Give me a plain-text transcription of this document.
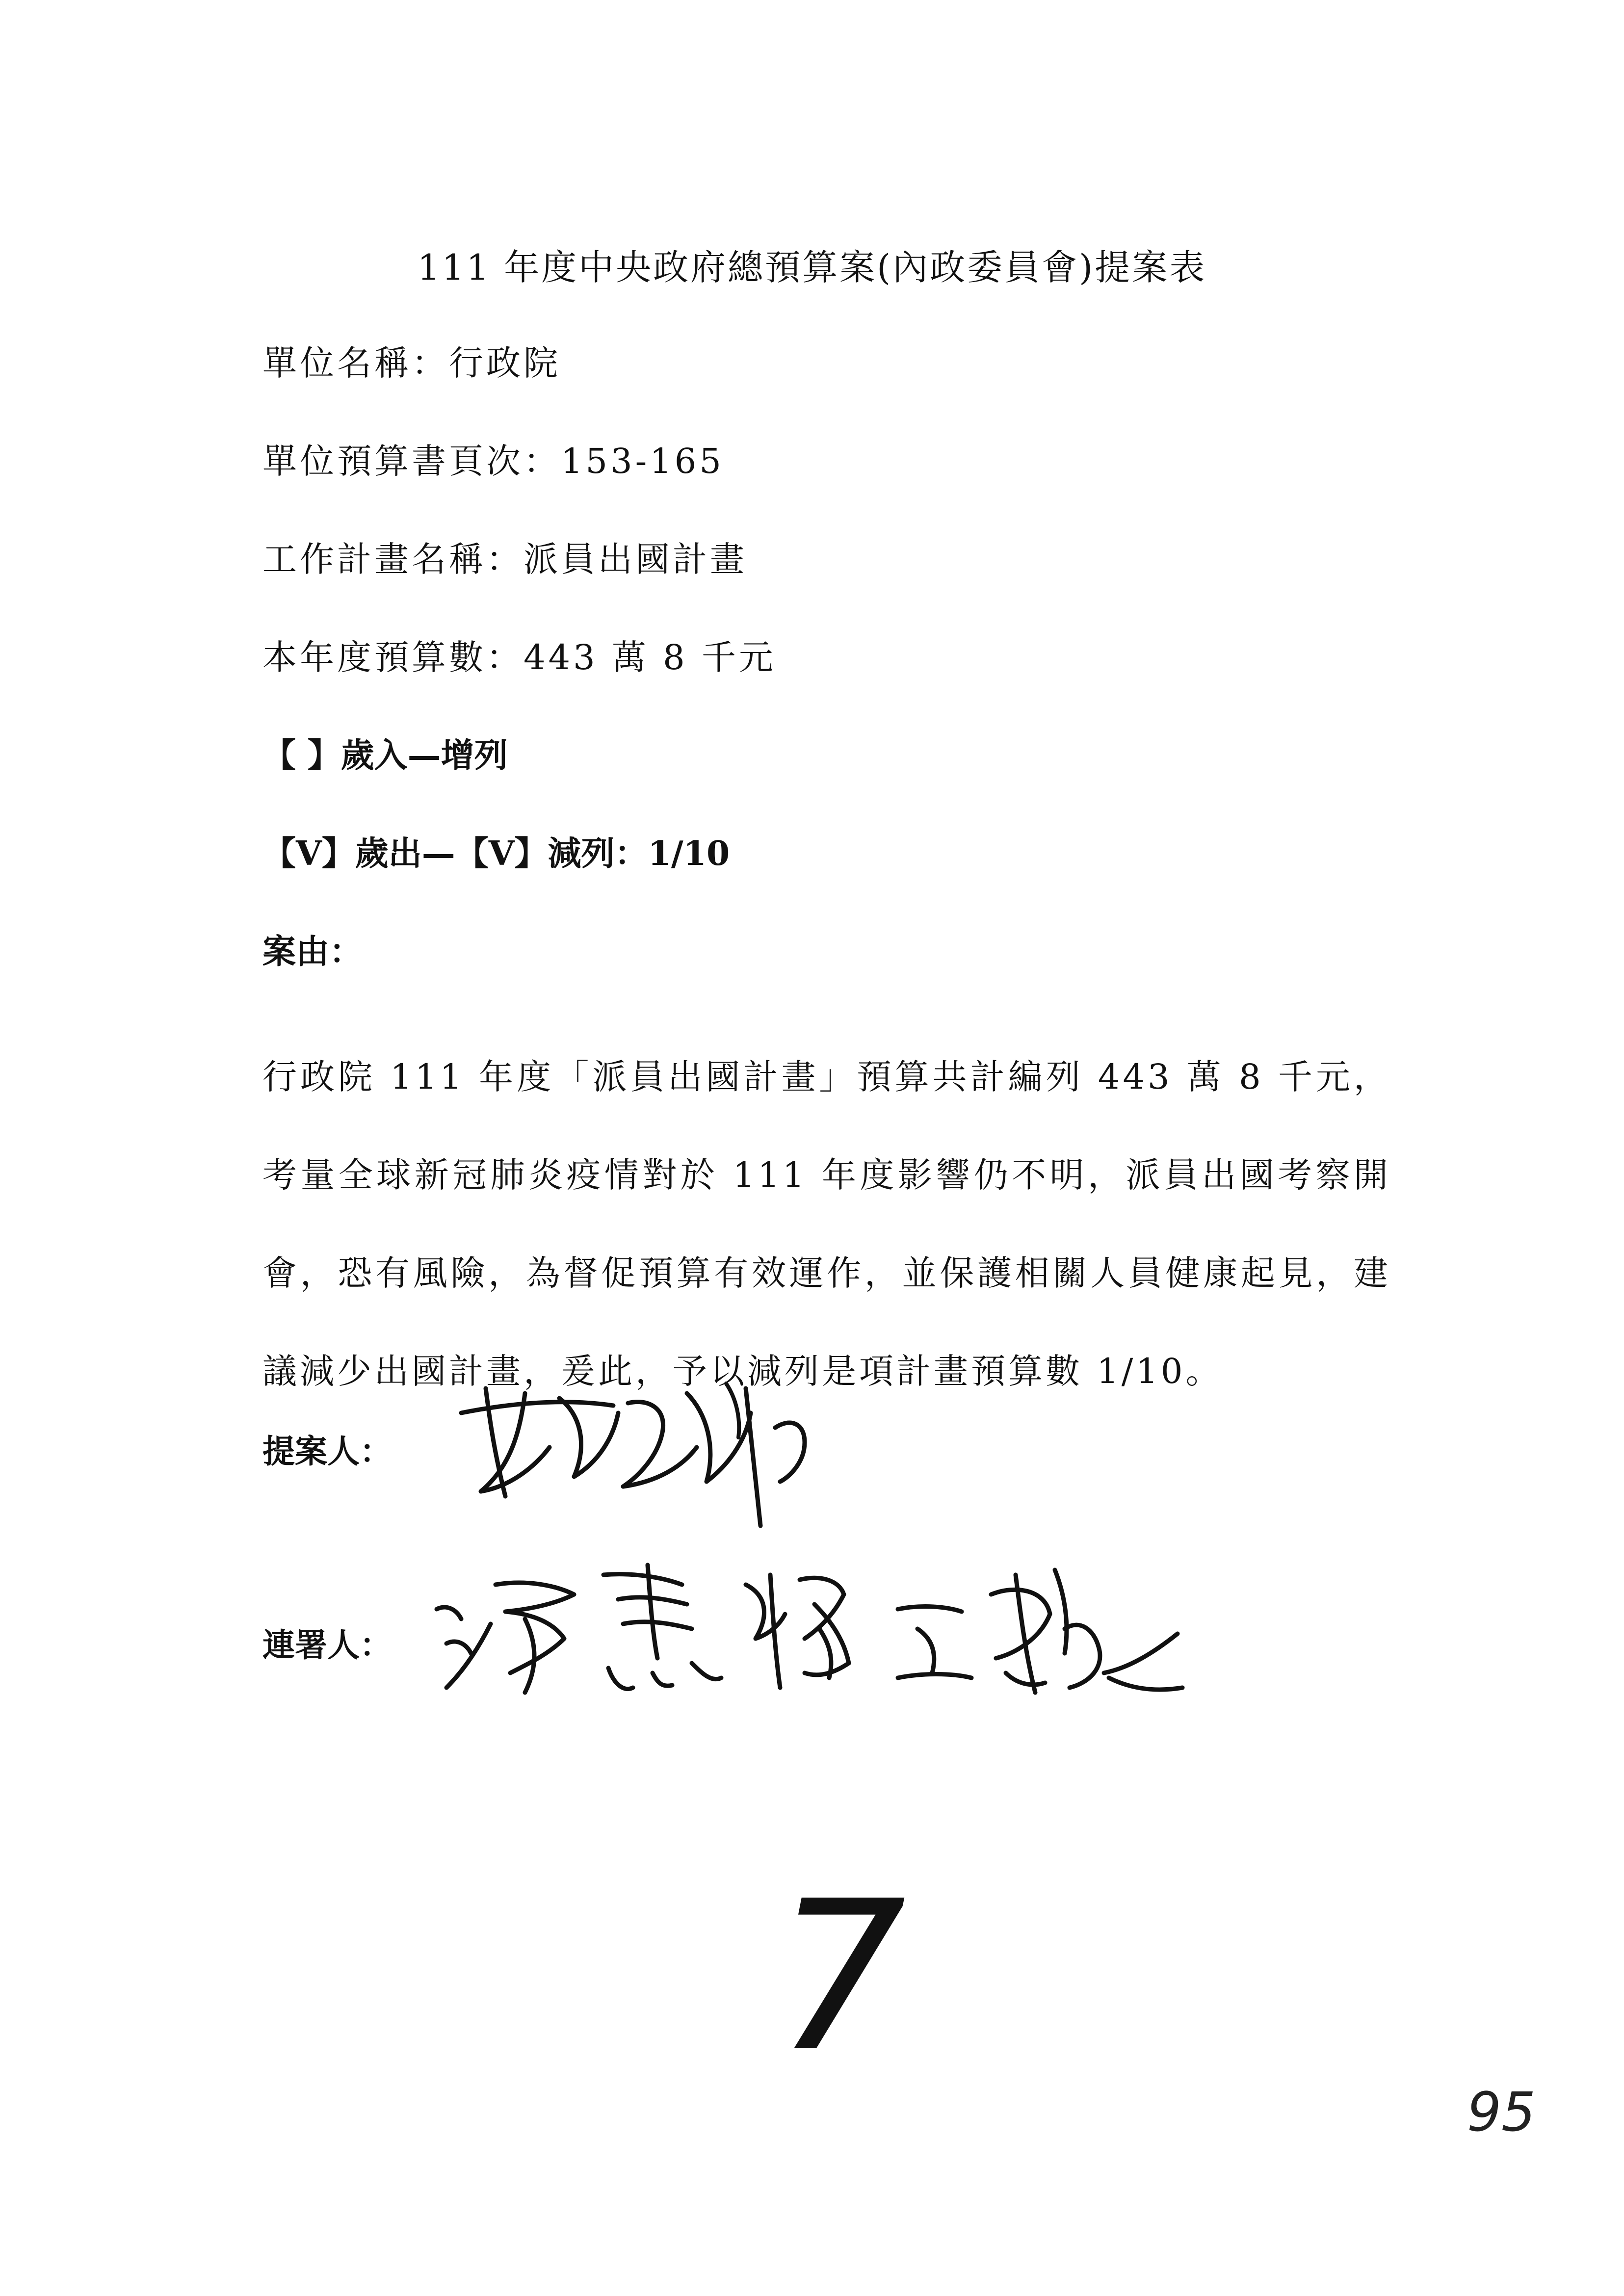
111 年度中央政府總預算案(內政委員會)提案表
單位名稱：行政院
單位預算書頁次：153-165
工作計畫名稱：派員出國計畫
本年度預算數：443 萬 8 千元
【 】歲入—增列
【V】歲出—【V】減列：1/10
案由：
行政院 111 年度「派員出國計畫」預算共計編列 443 萬 8 千元，考量全球新冠肺炎疫情對於 111 年度影響仍不明，派員出國考察開會，恐有風險，為督促預算有效運作，並保護相關人員健康起見，建議減少出國計畫，爰此，予以減列是項計畫預算數 1/10。
提案人：
連署人：
7
95
